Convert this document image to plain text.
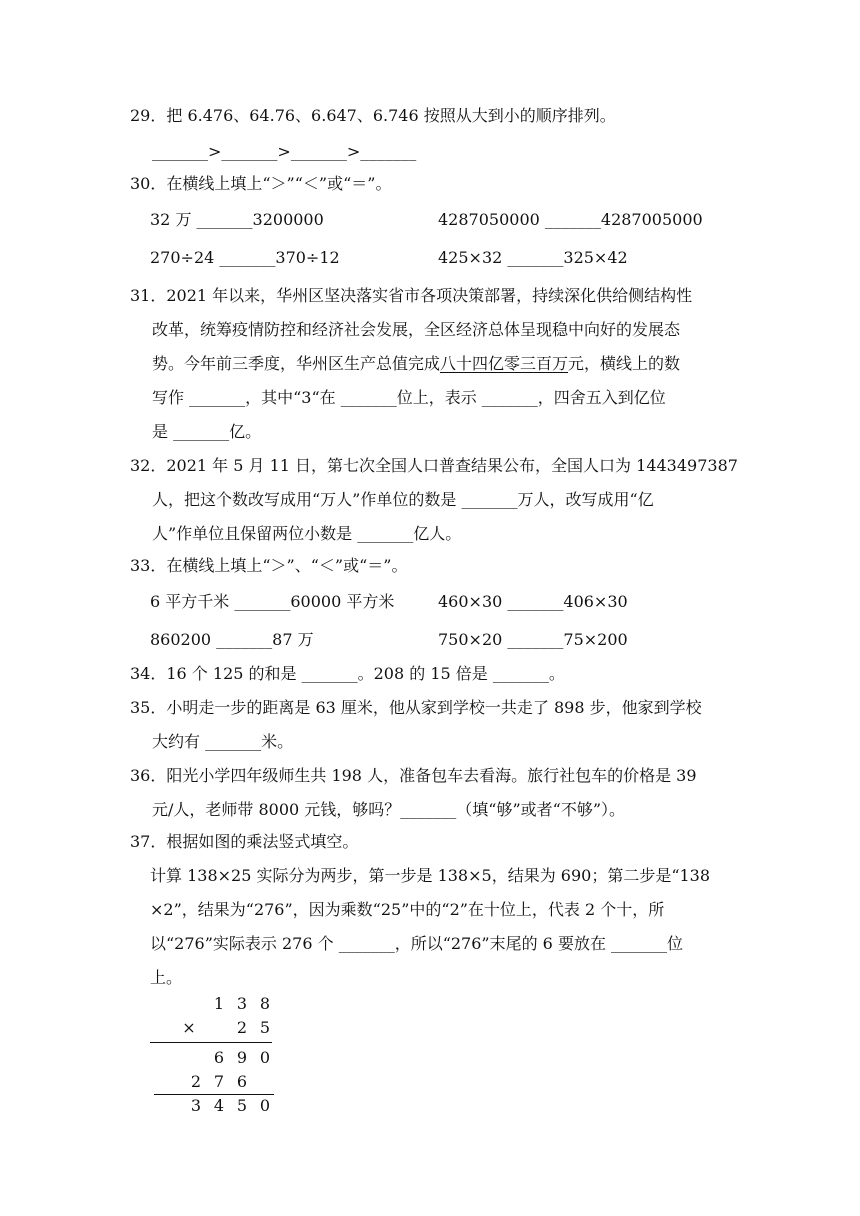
29．把 6.476、64.76、6.647、6.746 按照从大到小的顺序排列。
_______>_______>_______>_______
30．在横线上填上“＞”“＜”或“＝”。
32 万 _______3200000	4287050000 _______4287005000
270÷24 _______370÷12	425×32 _______325×42
31．2021 年以来，华州区坚决落实省市各项决策部署，持续深化供给侧结构性
改革，统筹疫情防控和经济社会发展，全区经济总体呈现稳中向好的发展态
势。今年前三季度，华州区生产总值完成八十四亿零三百万元，横线上的数
写作 _______，其中“3“在 _______位上，表示 _______，四舍五入到亿位
是 _______亿。
32．2021 年 5 月 11 日，第七次全国人口普查结果公布，全国人口为 1443497387
人，把这个数改写成用“万人”作单位的数是 _______万人，改写成用“亿
人”作单位且保留两位小数是 _______亿人。
33．在横线上填上“＞”、“＜”或“＝”。
6 平方千米 _______60000 平方米	460×30 _______406×30
860200 _______87 万	750×20 _______75×200
34．16 个 125 的和是 _______。208 的 15 倍是 _______。
35．小明走一步的距离是 63 厘米，他从家到学校一共走了 898 步，他家到学校
大约有 _______米。
36．阳光小学四年级师生共 198 人，准备包车去看海。旅行社包车的价格是 39
元/人，老师带 8000 元钱，够吗？_______（填“够”或者“不够”）。
37．根据如图的乘法竖式填空。
计算 138×25 实际分为两步，第一步是 138×5，结果为 690；第二步是“138
×2”，结果为“276”，因为乘数“25”中的“2”在十位上，代表 2 个十，所
以“276”实际表示 276 个 _______，所以“276”末尾的 6 要放在 _______位
上。
1 3 8
×	2 5
6 9 0
2 7 6
3 4 5 0
